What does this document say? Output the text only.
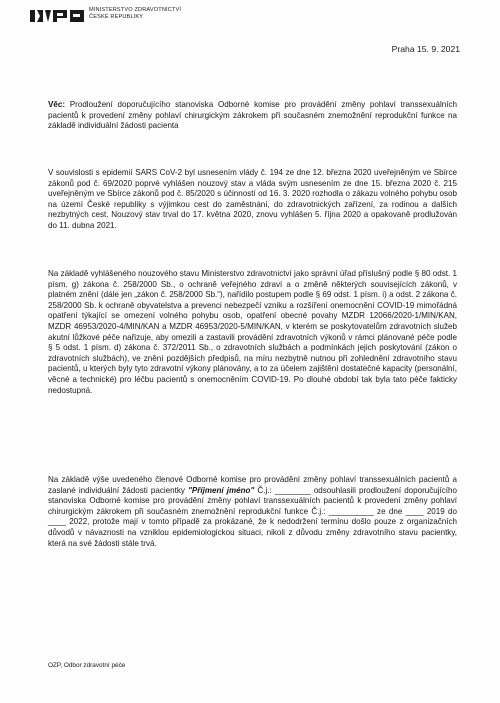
MINISTERSTVO ZDRAVOTNICTVÍ
ČESKÉ REPUBLIKY
Praha 15. 9. 2021
Věc: Prodloužení doporučujícího stanoviska Odborné komise pro provádění změny pohlaví transsexuálních pacientů k provedení změny pohlaví chirurgickým zákrokem při současném znemožnění reprodukční funkce na základě individuální žádosti pacienta
V souvislosti s epidemií SARS CoV-2 byl usnesením vlády č. 194 ze dne 12. března 2020 uveřejněným ve Sbírce zákonů pod č. 69/2020 poprvé vyhlášen nouzový stav a vláda svým usnesením ze dne 15. března 2020 č. 215 uveřejněným ve Sbírce zákonů pod č. 85/2020 s účinností od 16. 3. 2020 rozhodla o zákazu volného pohybu osob na území České republiky s výjimkou cest do zaměstnání, do zdravotnických zařízení, za rodinou a dalších nezbytných cest. Nouzový stav trval do 17. května 2020, znovu vyhlášen 5. října 2020 a opakovaně prodlužován do 11. dubna 2021.
Na základě vyhlášeného nouzového stavu Ministerstvo zdravotnictví jako správní úřad příslušný podle § 80 odst. 1 písm. g) zákona č. 258/2000 Sb., o ochraně veřejného zdraví a o změně některých souvisejících zákonů, v platném znění (dále jen „zákon č. 258/2000 Sb.“), nařídilo postupem podle § 69 odst. 1 písm. i) a odst. 2 zákona č. 258/2000 Sb. k ochraně obyvatelstva a prevenci nebezpečí vzniku a rozšíření onemocnění COVID-19 mimořádná opatření týkající se omezení volného pohybu osob, opatření obecné povahy MZDR 12066/2020-1/MIN/KAN, MZDR 46953/2020-4/MIN/KAN a MZDR 46953/2020-5/MIN/KAN, v kterém se poskytovatelům zdravotních služeb akutní lůžkové péče nařizuje, aby omezili a zastavili provádění zdravotních výkonů v rámci plánované péče podle § 5 odst. 1 písm. d) zákona č. 372/2011 Sb., o zdravotních službách a podmínkách jejich poskytování (zákon o zdravotních službách), ve znění pozdějších předpisů, na míru nezbytně nutnou při zohlednění zdravotního stavu pacientů, u kterých byly tyto zdravotní výkony plánovány, a to za účelem zajištění dostatečné kapacity (personální, věcné a technické) pro léčbu pacientů s onemocněním COVID-19. Po dlouhé období tak byla tato péče fakticky nedostupná.
Na základě výše uvedeného členové Odborné komise pro provádění změny pohlaví transsexuálních pacientů a zaslané individuální žádosti pacientky "Příjmení jméno" Č.j.: ________ odsouhlasili prodloužení doporučujícího stanoviska Odborné komise pro provádění změny pohlaví transsexuálních pacientů k provedení změny pohlaví chirurgickým zákrokem při současném znemožnění reprodukční funkce Č.j.: __________ ze dne ____ 2019 do ____ 2022, protože mají v tomto případě za prokázané, že k nedodržení termínu došlo pouze z organizačních důvodů v návaznosti na vzniklou epidemiologickou situaci, nikoli z důvodu změny zdravotního stavu pacientky, která na své žádosti stále trvá.
OZP, Odbor zdravotní péče
